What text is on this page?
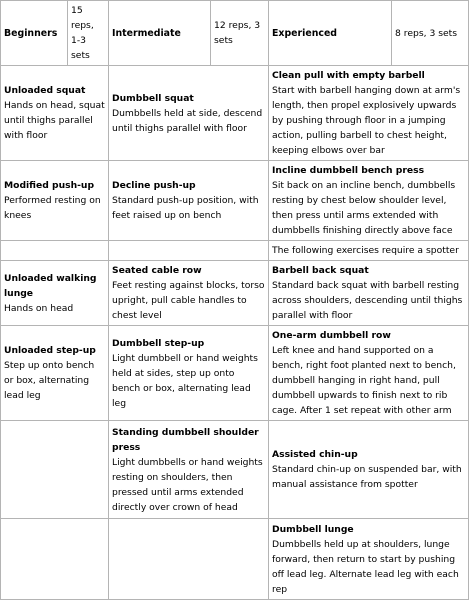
Beginners	15 reps, 1-3 sets	Intermediate	12 reps, 3 sets	Experienced	8 reps, 3 sets

Unloaded squat
Hands on head, squat until thighs parallel with floor		Dumbbell squat
Dumbbells held at side, descend until thighs parallel with floor		Clean pull with empty barbell
Start with barbell hanging down at arm's length, then propel explosively upwards by pushing through floor in a jumping action, pulling barbell to chest height, keeping elbows over bar	

Modified push-up
Performed resting on knees		Decline push-up
Standard push-up position, with feet raised up on bench		Incline dumbbell bench press
Sit back on an incline bench, dumbbells resting by chest below shoulder level, then press until arms extended with dumbbells finishing directly above face	

				The following exercises require a spotter	

Unloaded walking lunge
Hands on head		Seated cable row
Feet resting against blocks, torso upright, pull cable handles to chest level		Barbell back squat
Standard back squat with barbell resting across shoulders, descending until thighs parallel with floor	

Unloaded step-up
Step up onto bench or box, alternating lead leg		Dumbbell step-up
Light dumbbell or hand weights held at sides, step up onto bench or box, alternating lead leg		One-arm dumbbell row
Left knee and hand supported on a bench, right foot planted next to bench, dumbbell hanging in right hand, pull dumbbell upwards to finish next to rib cage. After 1 set repeat with other arm	

		Standing dumbbell shoulder press
Light dumbbells or hand weights resting on shoulders, then pressed until arms extended directly over crown of head		Assisted chin-up
Standard chin-up on suspended bar, with manual assistance from spotter	

				Dumbbell lunge
Dumbbells held up at shoulders, lunge forward, then return to start by pushing off lead leg. Alternate lead leg with each rep	
